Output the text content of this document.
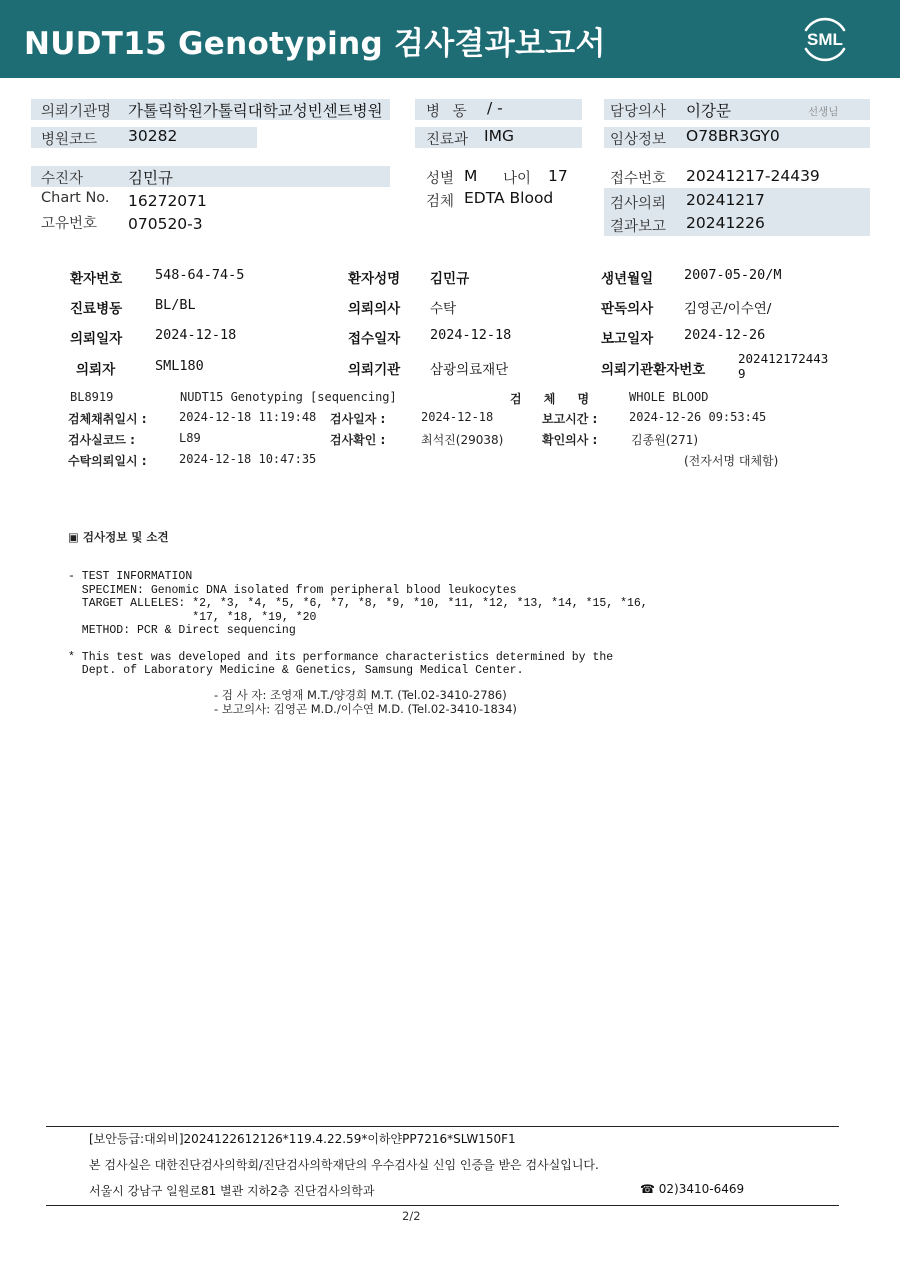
NUDT15 Genotyping 검사결과보고서	SML
의뢰기관명 가톨릭학원가톨릭대학교성빈센트병원
병원코드 30282
병 동 / -
진료과 IMG
담당의사 이강문	선생님
임상정보 O78BR3GY0
수진자	김민규
Chart No. 16272071
고유번호 070520-3
성별 M 나이 17
검체 EDTA Blood
접수번호 20241217-24439
검사의뢰 20241217
결과보고 20241226
환자번호 548-64-74-5	환자성명 김민규	생년월일 2007-05-20/M
진료병동 BL/BL	의뢰의사 수탁	판독의사 김영곤/이수연/
의뢰일자 2024-12-18	접수일자 2024-12-18	보고일자 2024-12-26
의뢰자	SML180	의뢰기관 삼광의료재단	의뢰기관환자번호
202412172443
9
BL8919	NUDT15 Genotyping [sequencing]	검 체 명	WHOLE BLOOD
검체채취일시 :	2024-12-18 11:19:48 검사일자 :	2024-12-18	보고시간 :	2024-12-26 09:53:45
검사실코드 :	L89	검사확인 :	최석진(29038)	확인의사 :	김종원(271)
수탁의뢰일시 :	2024-12-18 10:47:35	(전자서명 대체함)
▣ 검사정보 및 소견

- TEST INFORMATION
SPECIMEN: Genomic DNA isolated from peripheral blood leukocytes
TARGET ALLELES: *2, *3, *4, *5, *6, *7, *8, *9, *10, *11, *12, *13, *14, *15, *16,
*17, *18, *19, *20
METHOD: PCR & Direct sequencing
* This test was developed and its performance characteristics determined by the
Dept. of Laboratory Medicine & Genetics, Samsung Medical Center.

- 검 사 자: 조영재 M.T./양경희 M.T. (Tel.02-3410-2786)
- 보고의사: 김영곤 M.D./이수연 M.D. (Tel.02-3410-1834)
[보안등급:대외비]2024122612126*119.4.22.59*이하얀PP7216*SLW150F1
본 검사실은 대한진단검사의학회/진단검사의학재단의 우수검사실 신임 인증을 받은 검사실입니다.
서울시 강남구 일원로81 별관 지하2층 진단검사의학과	☎ 02)3410-6469
2/2
